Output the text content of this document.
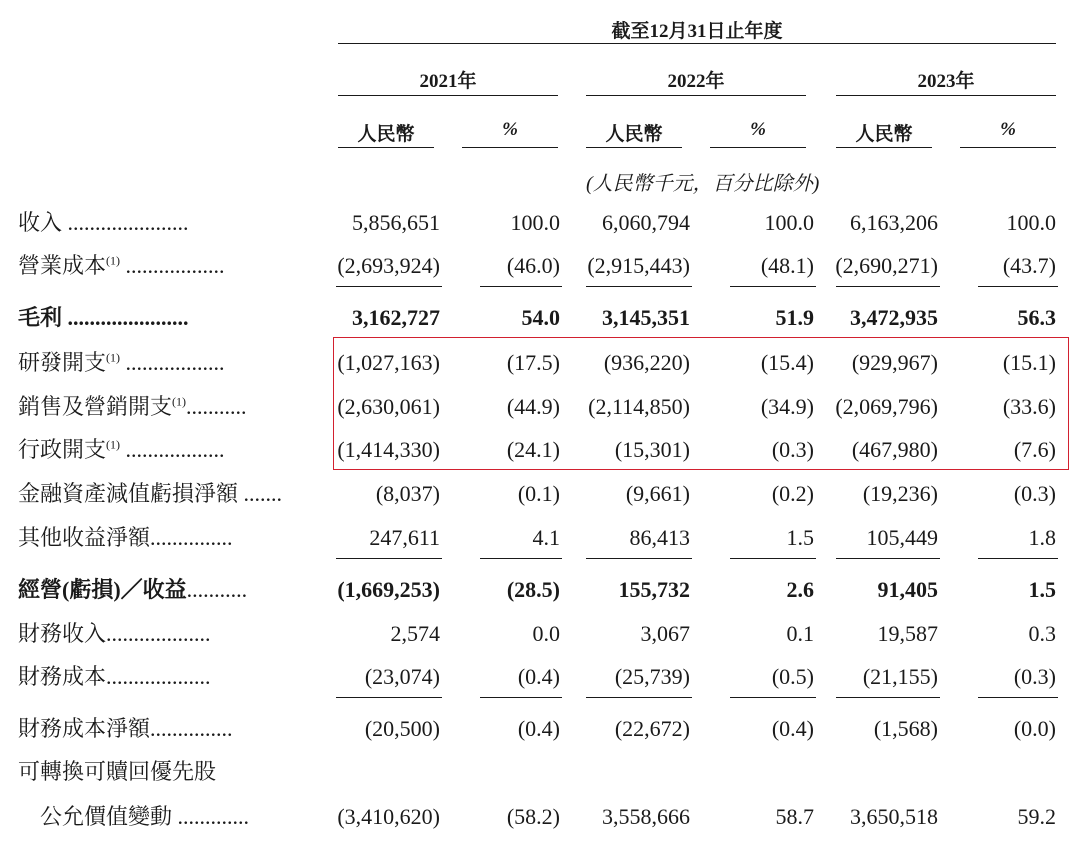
截至12月31日止年度
2021年	2022年	2023年
人民幣	%	人民幣	%	人民幣	%
(人民幣千元，百分比除外)
收入 ......................	5,856,651	100.0	6,060,794	100.0	6,163,206	100.0
營業成本$^{(1)}$ ..................	(2,693,924)	(46.0)	(2,915,443)	(48.1) (2,690,271)	(43.7)
毛利 ......................	3,162,727	54.0	3,145,351	51.9	3,472,935	56.3
研發開支$^{(1)}$ ..................	(1,027,163)	(17.5)	(936,220)	(15.4)	(929,967)	(15.1)
銷售及營銷開支$^{(1)}$...........	(2,630,061)	(44.9)	(2,114,850)	(34.9) (2,069,796)	(33.6)
行政開支$^{(1)}$ ..................	(1,414,330)	(24.1)	(15,301)	(0.3)	(467,980)	(7.6)
金融資產減值虧損淨額 .......	(8,037)	(0.1)	(9,661)	(0.2)	(19,236)	(0.3)
其他收益淨額...............	247,611	4.1	86,413	1.5	105,449	1.8
經營(虧損)／收益...........	(1,669,253)	(28.5)	155,732	2.6	91,405	1.5
財務收入...................	2,574	0.0	3,067	0.1	19,587	0.3
財務成本...................	(23,074)	(0.4)	(25,739)	(0.5)	(21,155)	(0.3)
財務成本淨額...............	(20,500)	(0.4)	(22,672)	(0.4)	(1,568)	(0.0)
可轉換可贖回優先股
公允價值變動 .............	(3,410,620)	(58.2)	3,558,666	58.7	3,650,518	59.2
